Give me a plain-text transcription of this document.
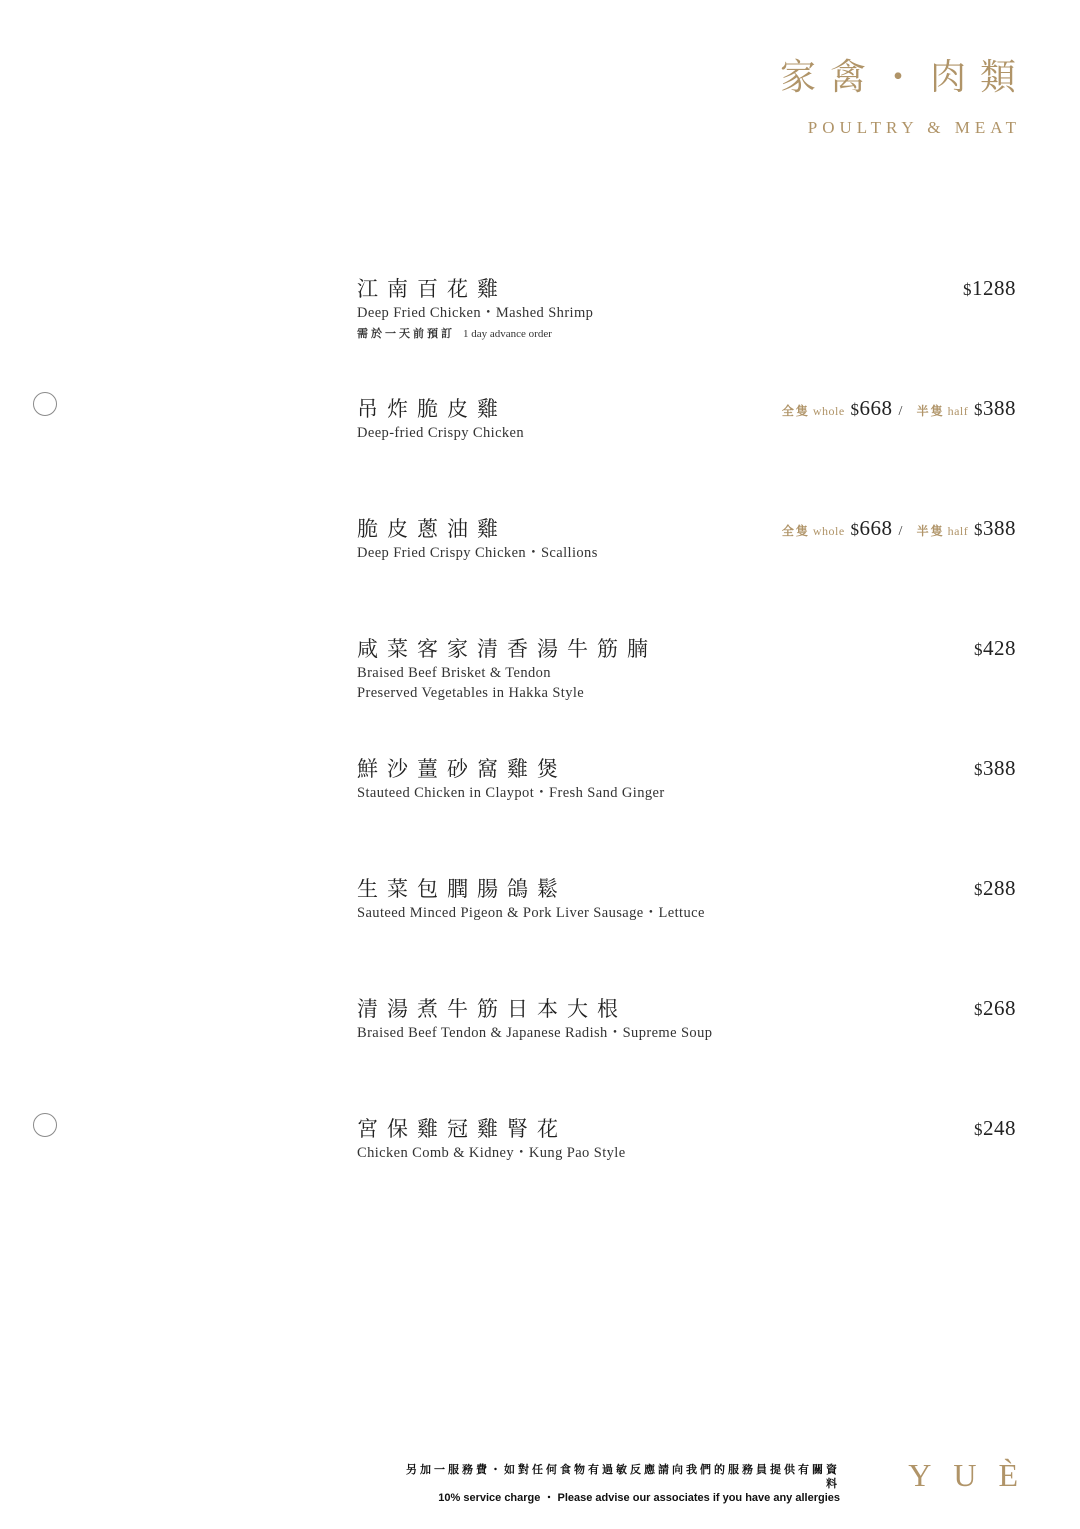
家禽・肉類
POULTRY & MEAT
江南百花雞
Deep Fried Chicken・Mashed Shrimp
需於一天前預訂 1 day advance order
$1288
吊炸脆皮雞
Deep-fried Crispy Chicken
全隻 whole $668 / 半隻 half $388
脆皮蔥油雞
Deep Fried Crispy Chicken・Scallions
全隻 whole $668 / 半隻 half $388
咸菜客家清香湯牛筋腩
Braised Beef Brisket & Tendon
Preserved Vegetables in Hakka Style
$428
鮮沙薑砂窩雞煲
Stauteed Chicken in Claypot・Fresh Sand Ginger
$388
生菜包膶腸鴿鬆
Sauteed Minced Pigeon & Pork Liver Sausage・Lettuce
$288
清湯煮牛筋日本大根
Braised Beef Tendon & Japanese Radish・Supreme Soup
$268
宮保雞冠雞腎花
Chicken Comb & Kidney・Kung Pao Style
$248
另加一服務費・如對任何食物有過敏反應請向我們的服務員提供有關資料
10% service charge ・ Please advise our associates if you have any allergies
YUÈ
